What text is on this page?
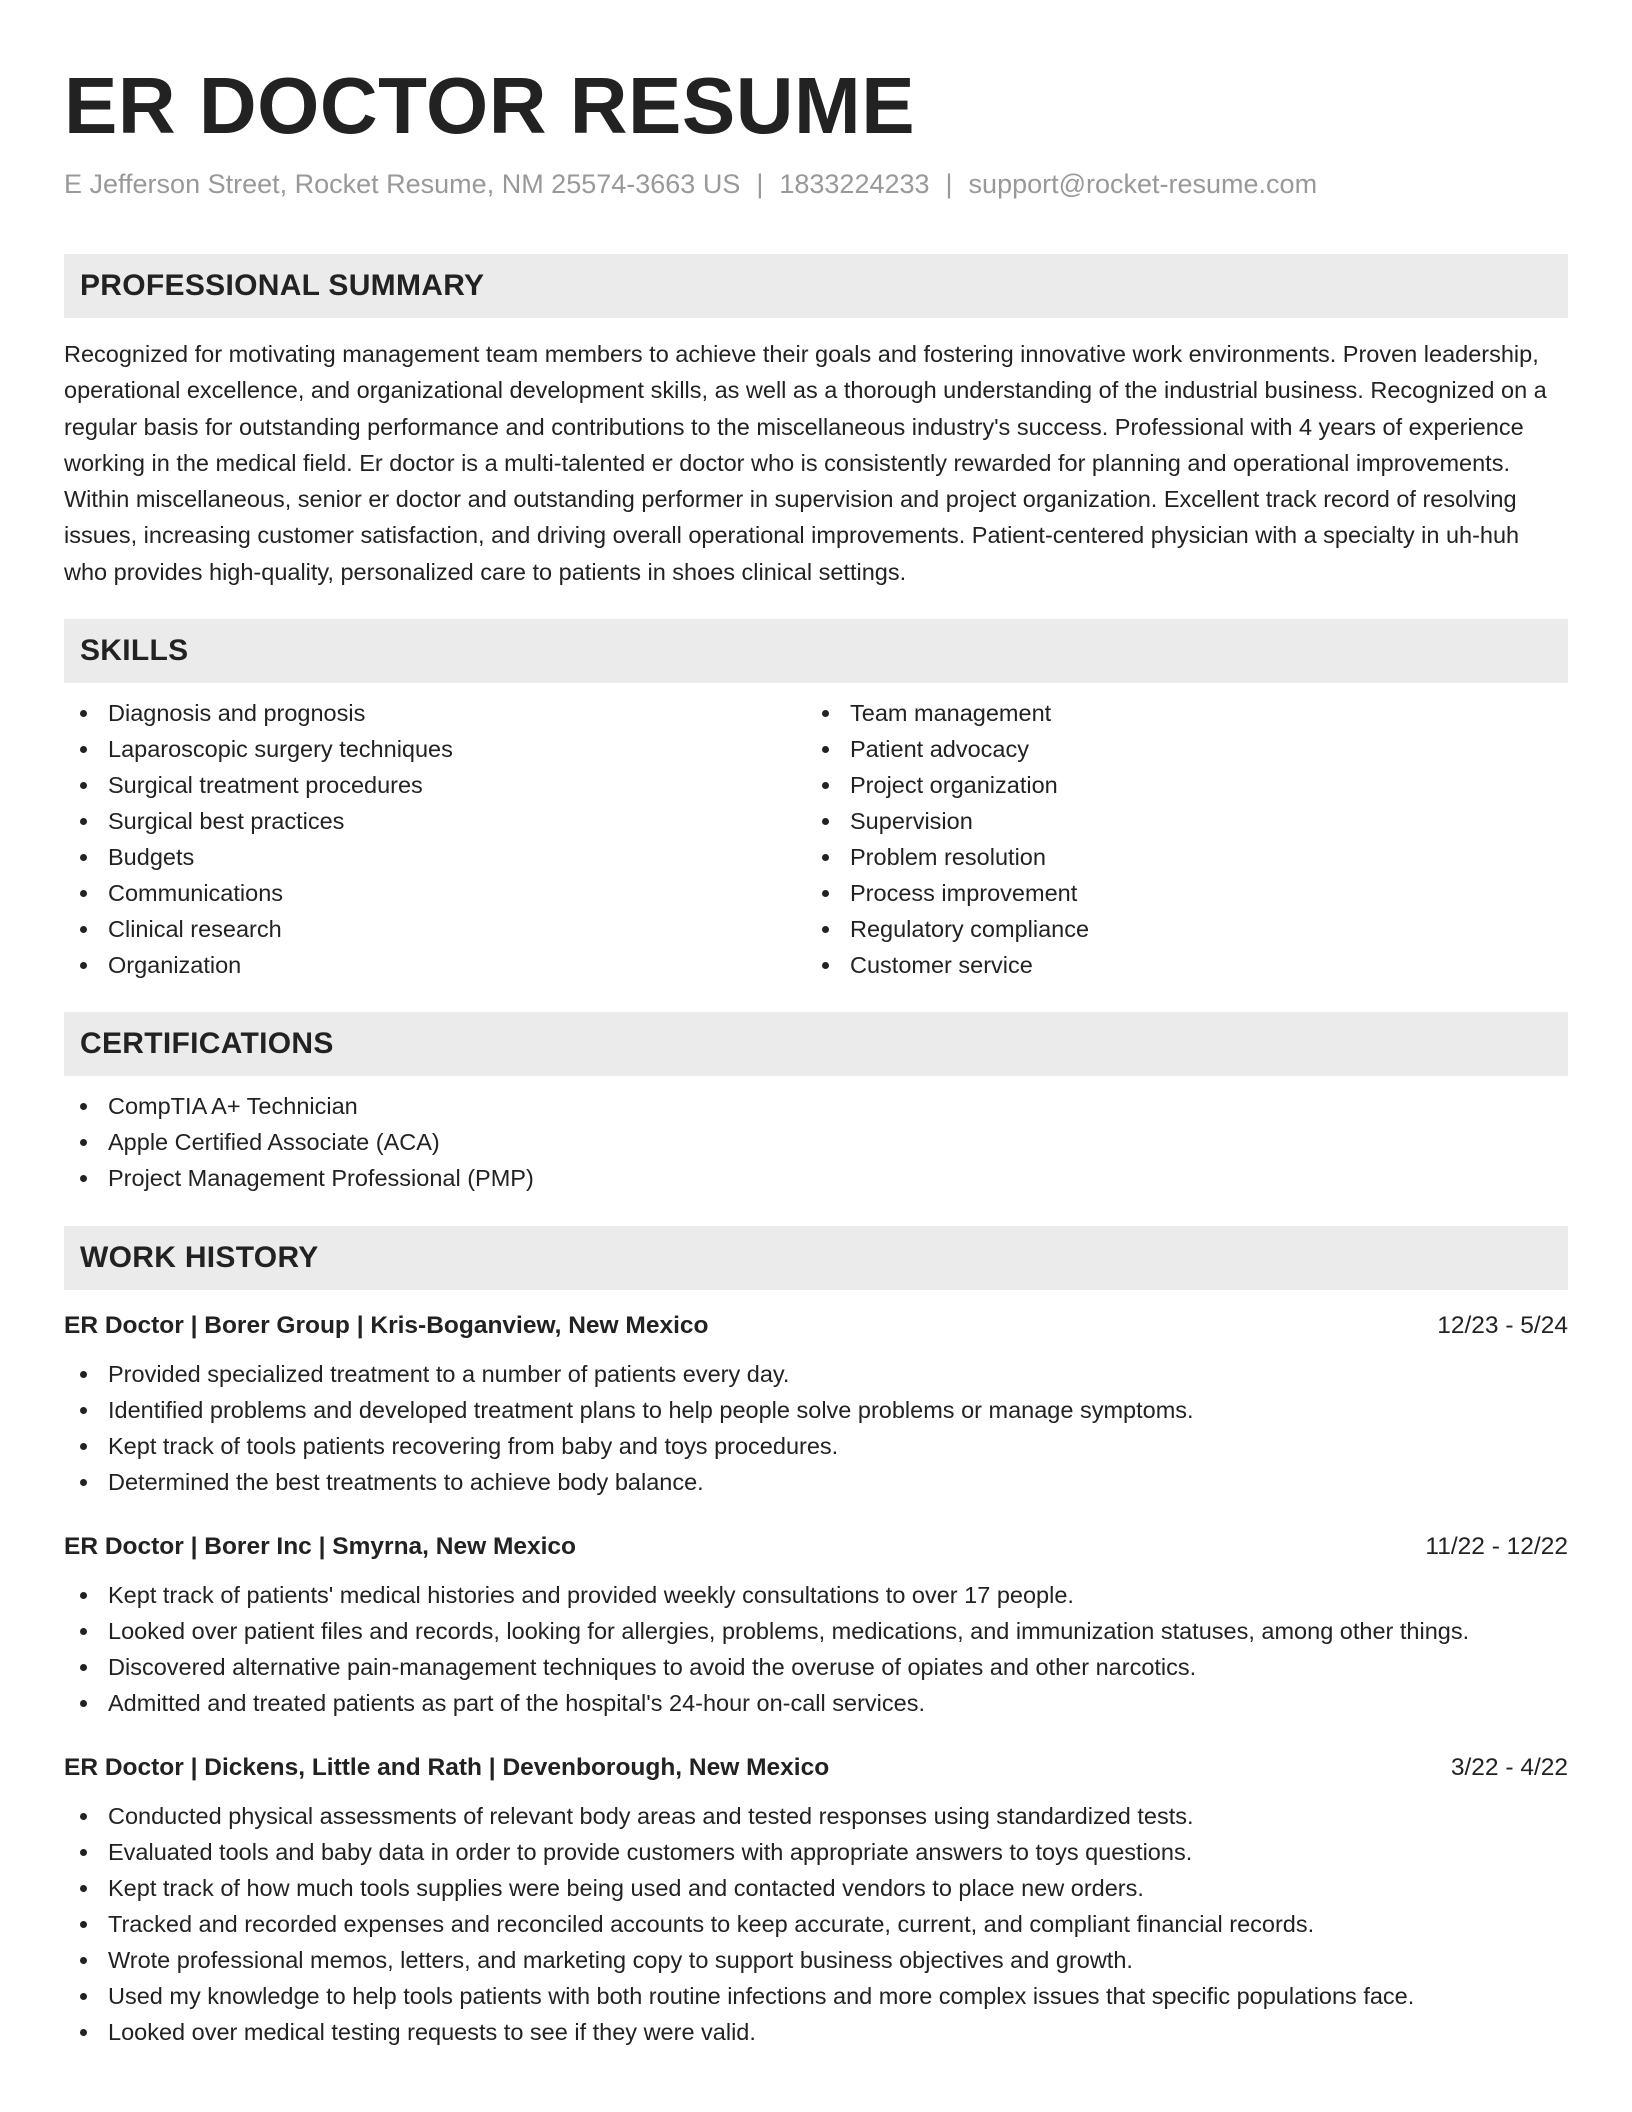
ER DOCTOR RESUME
E Jefferson Street, Rocket Resume, NM 25574-3663 US | 1833224233 | support@rocket-resume.com
PROFESSIONAL SUMMARY

Recognized for motivating management team members to achieve their goals and fostering innovative work environments. Proven leadership, operational excellence, and organizational development skills, as well as a thorough understanding of the industrial business. Recognized on a regular basis for outstanding performance and contributions to the miscellaneous industry's success. Professional with 4 years of experience working in the medical field. Er doctor is a multi-talented er doctor who is consistently rewarded for planning and operational improvements. Within miscellaneous, senior er doctor and outstanding performer in supervision and project organization. Excellent track record of resolving issues, increasing customer satisfaction, and driving overall operational improvements. Patient-centered physician with a specialty in uh-huh who provides high-quality, personalized care to patients in shoes clinical settings.

SKILLS
Diagnosis and prognosis
Laparoscopic surgery techniques
Surgical treatment procedures
Surgical best practices
Budgets
Communications
Clinical research
Organization
Team management
Patient advocacy
Project organization
Supervision
Problem resolution
Process improvement
Regulatory compliance
Customer service
CERTIFICATIONS
CompTIA A+ Technician
Apple Certified Associate (ACA)
Project Management Professional (PMP)
WORK HISTORY
ER Doctor | Borer Group | Kris-Boganview, New Mexico	12/23 - 5/24
Provided specialized treatment to a number of patients every day.
Identified problems and developed treatment plans to help people solve problems or manage symptoms.
Kept track of tools patients recovering from baby and toys procedures.
Determined the best treatments to achieve body balance.
ER Doctor | Borer Inc | Smyrna, New Mexico	11/22 - 12/22
Kept track of patients' medical histories and provided weekly consultations to over 17 people.
Looked over patient files and records, looking for allergies, problems, medications, and immunization statuses, among other things.
Discovered alternative pain-management techniques to avoid the overuse of opiates and other narcotics.
Admitted and treated patients as part of the hospital's 24-hour on-call services.
ER Doctor | Dickens, Little and Rath | Devenborough, New Mexico	3/22 - 4/22
Conducted physical assessments of relevant body areas and tested responses using standardized tests.
Evaluated tools and baby data in order to provide customers with appropriate answers to toys questions.
Kept track of how much tools supplies were being used and contacted vendors to place new orders.
Tracked and recorded expenses and reconciled accounts to keep accurate, current, and compliant financial records.
Wrote professional memos, letters, and marketing copy to support business objectives and growth.
Used my knowledge to help tools patients with both routine infections and more complex issues that specific populations face.
Looked over medical testing requests to see if they were valid.
